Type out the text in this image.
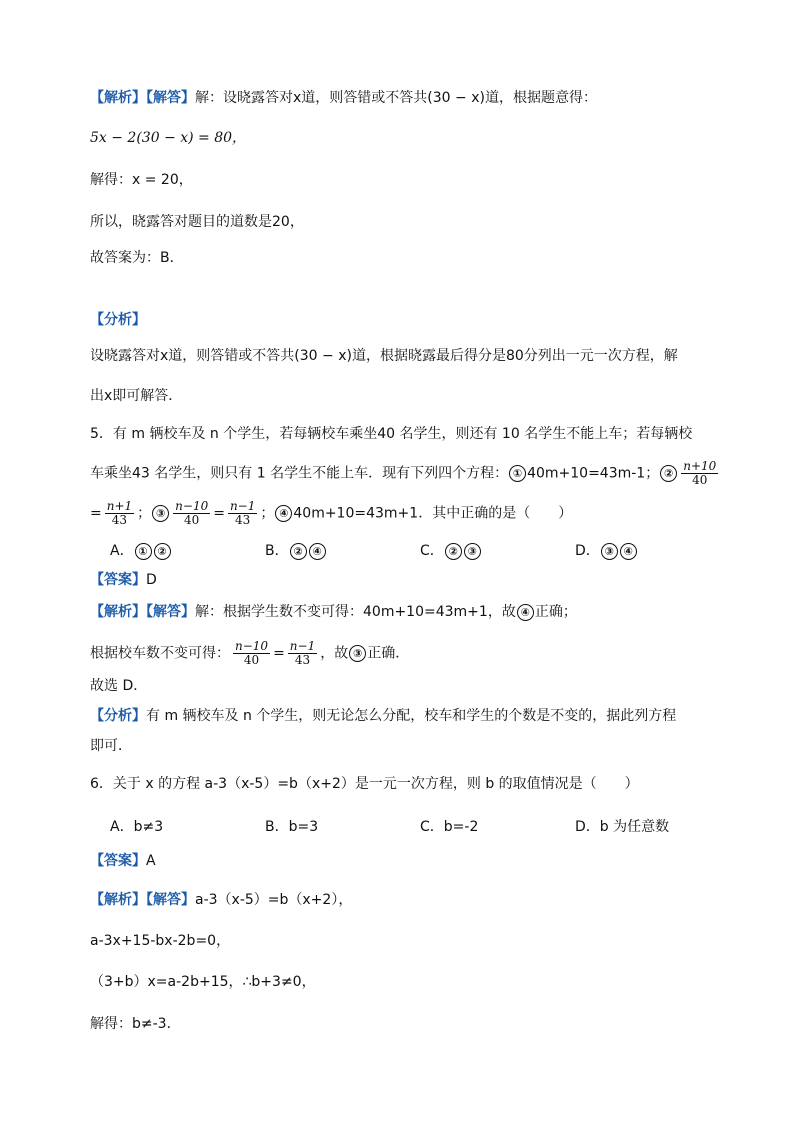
【解析】【解答】解：设晓露答对x道，则答错或不答共(30 − x)道，根据题意得：
5x − 2(30 − x) = 80，
解得：x = 20，
所以，晓露答对题目的道数是20，
故答案为：B．
【分析】
设晓露答对x道，则答错或不答共(30 − x)道，根据晓露最后得分是80分列出一元一次方程，解
出x即可解答．
5．有 m 辆校车及 n 个学生，若每辆校车乘坐40 名学生，则还有 10 名学生不能上车；若每辆校
车乘坐43 名学生，则只有 1 名学生不能上车．现有下列四个方程： ① 40m+10=43m-1； ② $\frac{n+10}{40}$
= $\frac{n+1}{43}$ ； ③ $\frac{n-10}{40} = \frac{n-1}{43}$ ； ④ 40m+10=43m+1．其中正确的是（　　）
A． ① ②	B． ② ④	C． ② ③	D． ③ ④
【答案】D
【解析】【解答】解：根据学生数不变可得：40m+10=43m+1，故 ④ 正确；
根据校车数不变可得： $\frac{n-10}{40} = \frac{n-1}{43}$ ，故 ③ 正确．
故选 D．
【分析】有 m 辆校车及 n 个学生，则无论怎么分配，校车和学生的个数是不变的，据此列方程
即可．
6．关于 x 的方程 a-3（x-5）=b（x+2）是一元一次方程，则 b 的取值情况是（　　）
A．b≠3	B．b=3	C．b=-2	D．b 为任意数
【答案】A
【解析】【解答】a-3（x-5）=b（x+2），
a-3x+15-bx-2b=0，
（3+b）x=a-2b+15，∴b+3≠0，
解得：b≠-3．
